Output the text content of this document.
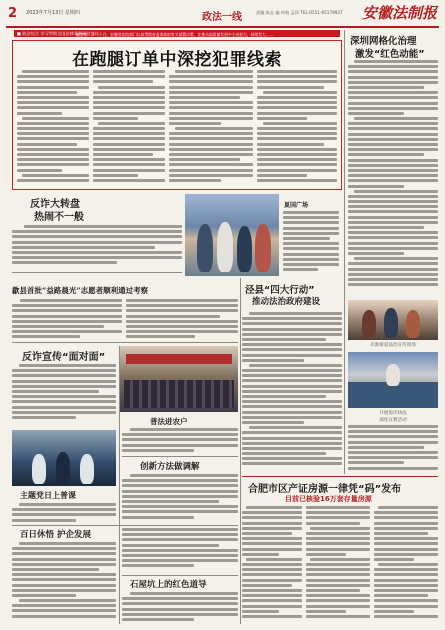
2 2023年7月13日 星期四	政法一线	责编 陈志 编 审校 孟珍 TEL:0551-65179927	安徽法制报
■ 政法综合 学习贯彻全国法律事务研讨会议
编者按：下一个月，安徽省法院部门认真贯彻省委省政府有关部署决策，在推动高质量发展中主动担当，持续发力……
在跑腿订单中深挖犯罪线索
深圳网格化治理
激发“红色动能”
反诈大转盘
热闹不一般
夏国广场
赤源街道法治宣传现场
歙县首批“益路晨光”志愿者顺利通过考察	泾县“四大行动”
推动法治政府建设
反诈宣传“面对面”
普法进农户
开展海洋执法
深度宣教活动
主题党日上普课
创新方法做调解
合肥市区产证房源一律凭“码”发布
目前已核验16万套存量房源
百日休悟 护企发展
石屋坑上的红色道导
